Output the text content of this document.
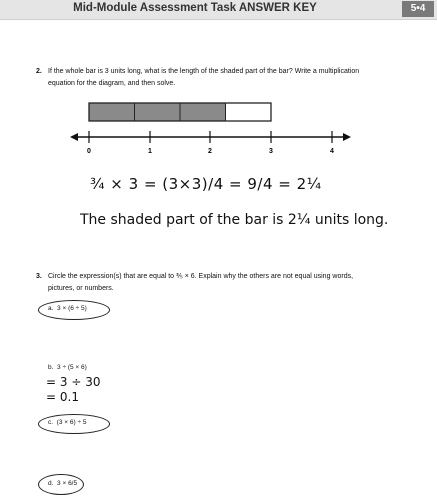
Mid-Module Assessment Task ANSWER KEY	5•4
2. If the whole bar is 3 units long, what is the length of the shaded part of the bar? Write a multiplication
equation for the diagram, and then solve.
0	1	2	3	4
¾ × 3 = (3×3)/4 = 9/4 = 2¼
The shaded part of the bar is 2¼ units long.
3. Circle the expression(s) that are equal to ⅗ × 6. Explain why the others are not equal using words,
pictures, or numbers.
a. 3 × (6 ÷ 5)
b. 3 ÷ (5 × 6)
= 3 ÷ 30
= 0.1
c. (3 × 6) ÷ 5
d. 3 × 6/5
